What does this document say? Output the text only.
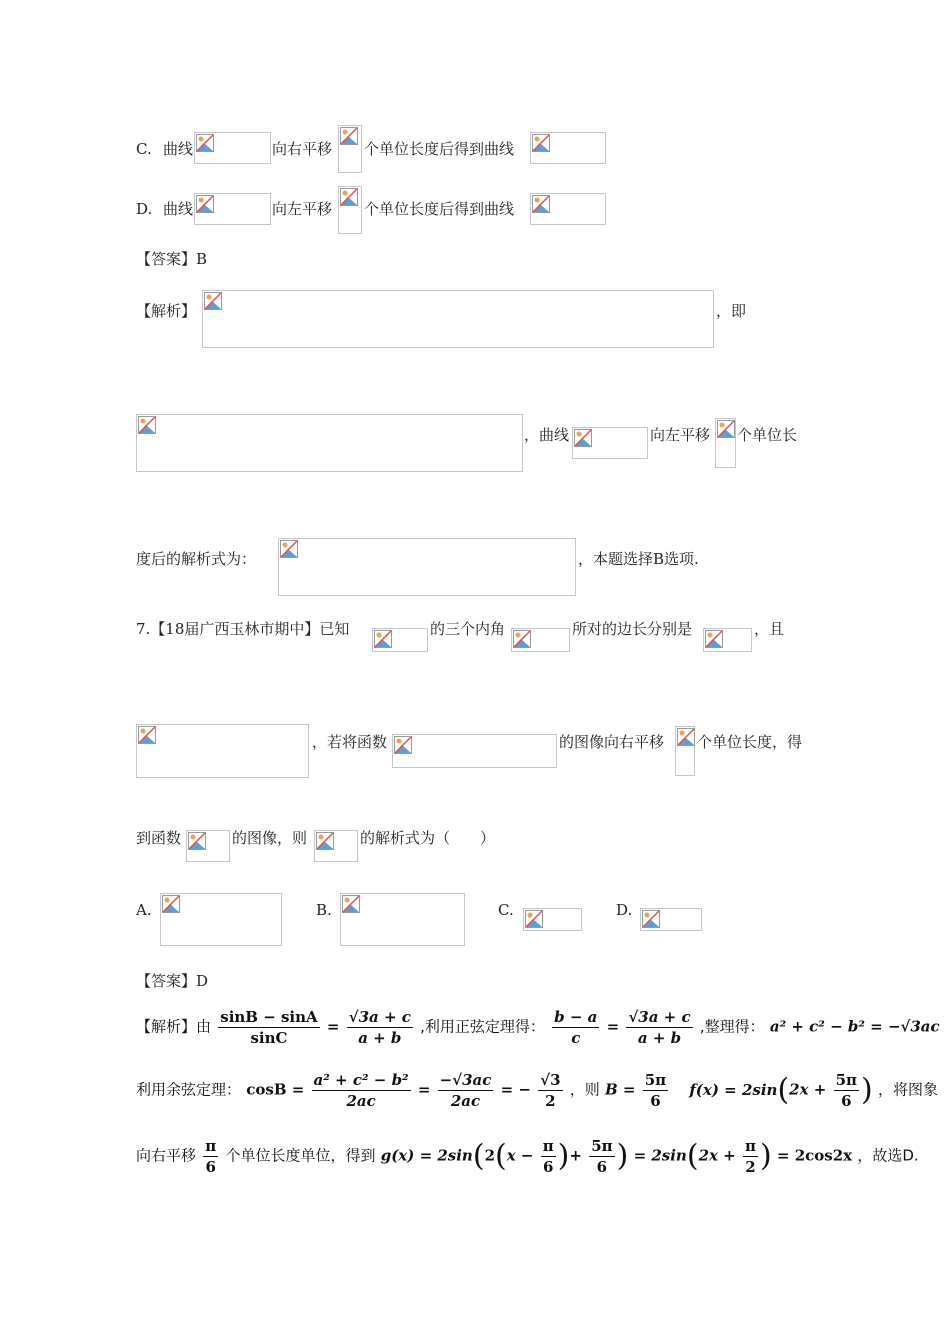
C. 曲线	向右平移 个单位长度后得到曲线
D. 曲线	向左平移 个单位长度后得到曲线
【答案】B
【解析】	，即
，曲线	向左平移 个单位长
度后的解析式为：	，本题选择B选项.
7.【18届广西玉林市期中】已知	的三个内角	所对的边长分别是	，且
，若将函数	的图像向右平移 个单位长度，得
到函数	的图像，则	的解析式为（　　）
A.	B.	C.	D.
【答案】D
【解析】由 $\frac{\sin B - \sin A}{\sin C} = \frac{√3a + c}{a + b}$ ,利用正弦定理得： $\frac{b - a}{c} = \frac{√3a + c}{a + b}$ ,整理得： a² + c² − b² = −√3ac
利用余弦定理： $\cos B = \frac{\text{a² + c² − b²}}{2ac} = \frac{-√3ac}{2ac}$ = − $\frac{√3}{2}$ ，则 $B = \frac{5\pi}{6} f(x) = 2\sin(2x + \frac{5\pi}{6}$ ) ，将图象
向右平移 $\frac{\pi}{6}$ 个单位长度单位，得到 $g(x) = 2\sin(2(x - \frac{\pi}{6}$ )+ $\frac{5\pi}{6}$ ) = $2\sin(2x + \frac{\pi}{2}$ ) = 2cos2x ，故选D.
